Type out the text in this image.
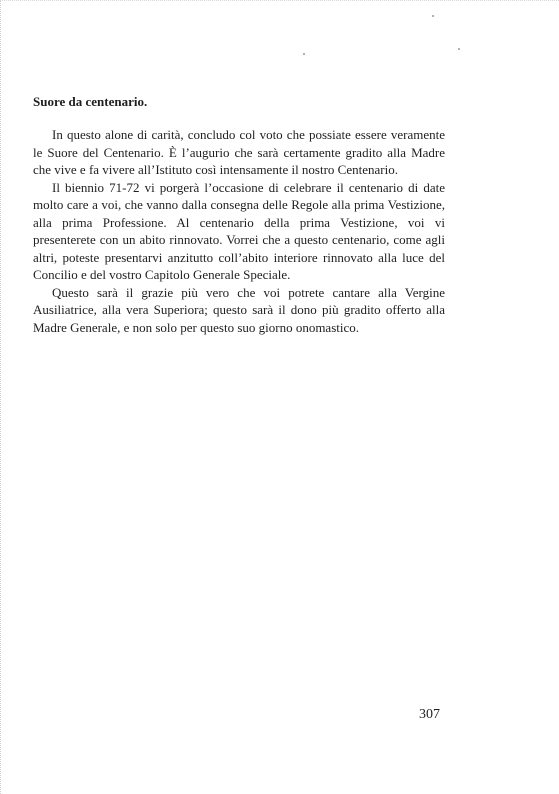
Suore da centenario.

In questo alone di carità, concludo col voto che possiate essere veramente le Suore del Centenario. È l’augurio che sarà certamente gradito alla Madre che vive e fa vivere all’Istituto così intensamente il nostro Centenario.

Il biennio 71-72 vi porgerà l’occasione di celebrare il centenario di date molto care a voi, che vanno dalla consegna delle Regole alla prima Vestizione, alla prima Professione. Al centenario della prima Vestizione, voi vi presenterete con un abito rinnovato. Vorrei che a questo centenario, come agli altri, poteste presentarvi anzitutto coll’abito interiore rinnovato alla luce del Concilio e del vostro Capitolo Generale Speciale.

Questo sarà il grazie più vero che voi potrete cantare alla Vergine Ausiliatrice, alla vera Superiora; questo sarà il dono più gradito offerto alla Madre Generale, e non solo per questo suo giorno onomastico.

307
